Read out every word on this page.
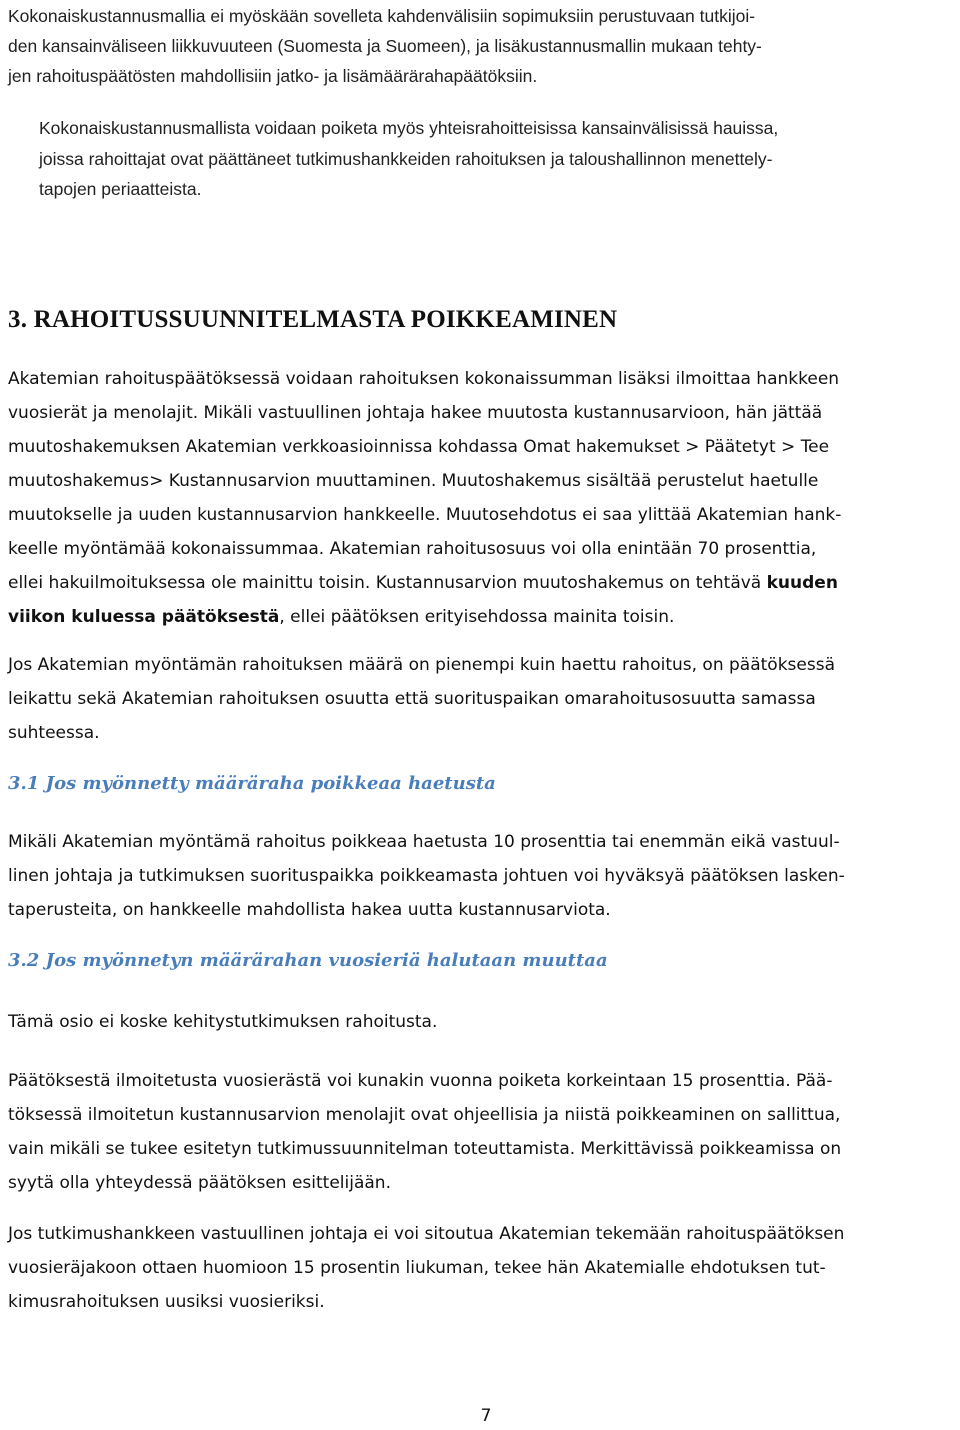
Kokonaiskustannusmallia ei myöskään sovelleta kahdenvälisiin sopimuksiin perustuvaan tutkijoi-
den kansainväliseen liikkuvuuteen (Suomesta ja Suomeen), ja lisäkustannusmallin mukaan tehty-
jen rahoituspäätösten mahdollisiin jatko- ja lisämäärärahapäätöksiin.

Kokonaiskustannusmallista voidaan poiketa myös yhteisrahoitteisissa kansainvälisissä hauissa,
joissa rahoittajat ovat päättäneet tutkimushankkeiden rahoituksen ja taloushallinnon menettely-
tapojen periaatteista.

3. RAHOITUSSUUNNITELMASTA POIKKEAMINEN

Akatemian rahoituspäätöksessä voidaan rahoituksen kokonaissumman lisäksi ilmoittaa hankkeen
vuosierät ja menolajit. Mikäli vastuullinen johtaja hakee muutosta kustannusarvioon, hän jättää
muutoshakemuksen Akatemian verkkoasioinnissa kohdassa Omat hakemukset > Päätetyt > Tee
muutoshakemus> Kustannusarvion muuttaminen. Muutoshakemus sisältää perustelut haetulle
muutokselle ja uuden kustannusarvion hankkeelle. Muutosehdotus ei saa ylittää Akatemian hank-
keelle myöntämää kokonaissummaa. Akatemian rahoitusosuus voi olla enintään 70 prosenttia,
ellei hakuilmoituksessa ole mainittu toisin. Kustannusarvion muutoshakemus on tehtävä kuuden
viikon kuluessa päätöksestä, ellei päätöksen erityisehdossa mainita toisin.

Jos Akatemian myöntämän rahoituksen määrä on pienempi kuin haettu rahoitus, on päätöksessä
leikattu sekä Akatemian rahoituksen osuutta että suorituspaikan omarahoitusosuutta samassa
suhteessa.

3.1 Jos myönnetty määräraha poikkeaa haetusta

Mikäli Akatemian myöntämä rahoitus poikkeaa haetusta 10 prosenttia tai enemmän eikä vastuul-
linen johtaja ja tutkimuksen suorituspaikka poikkeamasta johtuen voi hyväksyä päätöksen lasken-
taperusteita, on hankkeelle mahdollista hakea uutta kustannusarviota.

3.2 Jos myönnetyn määrärahan vuosieriä halutaan muuttaa

Tämä osio ei koske kehitystutkimuksen rahoitusta.

Päätöksestä ilmoitetusta vuosierästä voi kunakin vuonna poiketa korkeintaan 15 prosenttia. Pää-
töksessä ilmoitetun kustannusarvion menolajit ovat ohjeellisia ja niistä poikkeaminen on sallittua,
vain mikäli se tukee esitetyn tutkimussuunnitelman toteuttamista. Merkittävissä poikkeamissa on
syytä olla yhteydessä päätöksen esittelijään.

Jos tutkimushankkeen vastuullinen johtaja ei voi sitoutua Akatemian tekemään rahoituspäätöksen
vuosieräjakoon ottaen huomioon 15 prosentin liukuman, tekee hän Akatemialle ehdotuksen tut-
kimusrahoituksen uusiksi vuosieriksi.

7
